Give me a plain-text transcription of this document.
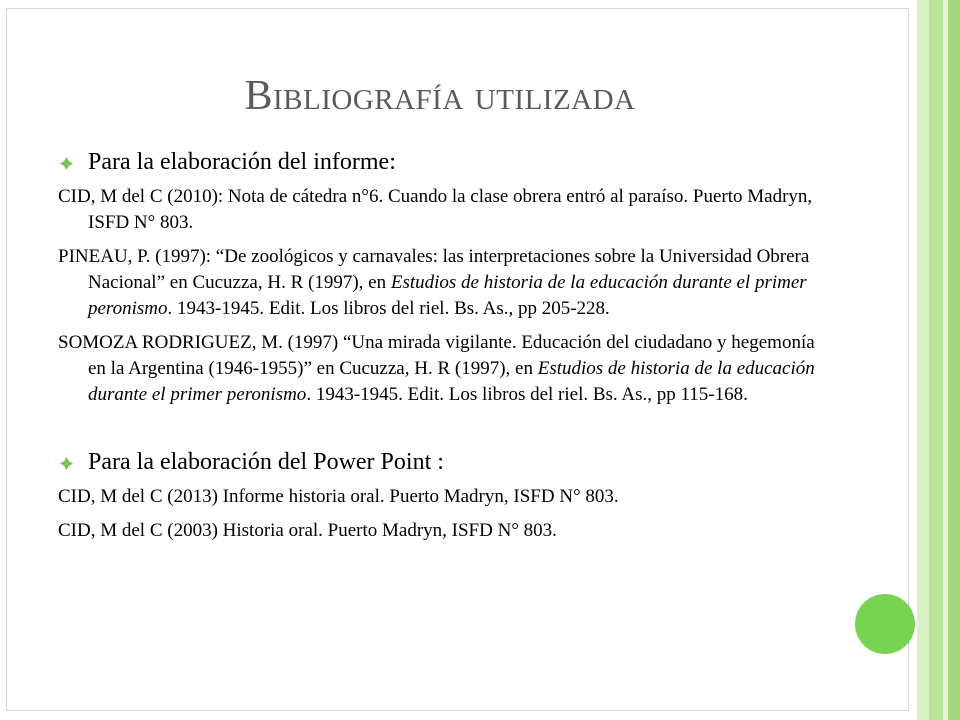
Bibliografía utilizada
Para la elaboración del informe:

CID, M del C (2010): Nota de cátedra n°6. Cuando la clase obrera entró al paraíso. Puerto Madryn, ISFD N° 803.

PINEAU, P. (1997): “De zoológicos y carnavales: las interpretaciones sobre la Universidad Obrera Nacional” en Cucuzza, H. R (1997), en Estudios de historia de la educación durante el primer peronismo. 1943-1945. Edit. Los libros del riel. Bs. As., pp 205-228.

SOMOZA RODRIGUEZ, M. (1997) “Una mirada vigilante. Educación del ciudadano y hegemonía en la Argentina (1946-1955)” en Cucuzza, H. R (1997), en Estudios de historia de la educación durante el primer peronismo. 1943-1945. Edit. Los libros del riel. Bs. As., pp 115-168.

Para la elaboración del Power Point :

CID, M del C (2013) Informe historia oral. Puerto Madryn, ISFD N° 803.

CID, M del C (2003) Historia oral. Puerto Madryn, ISFD N° 803.
